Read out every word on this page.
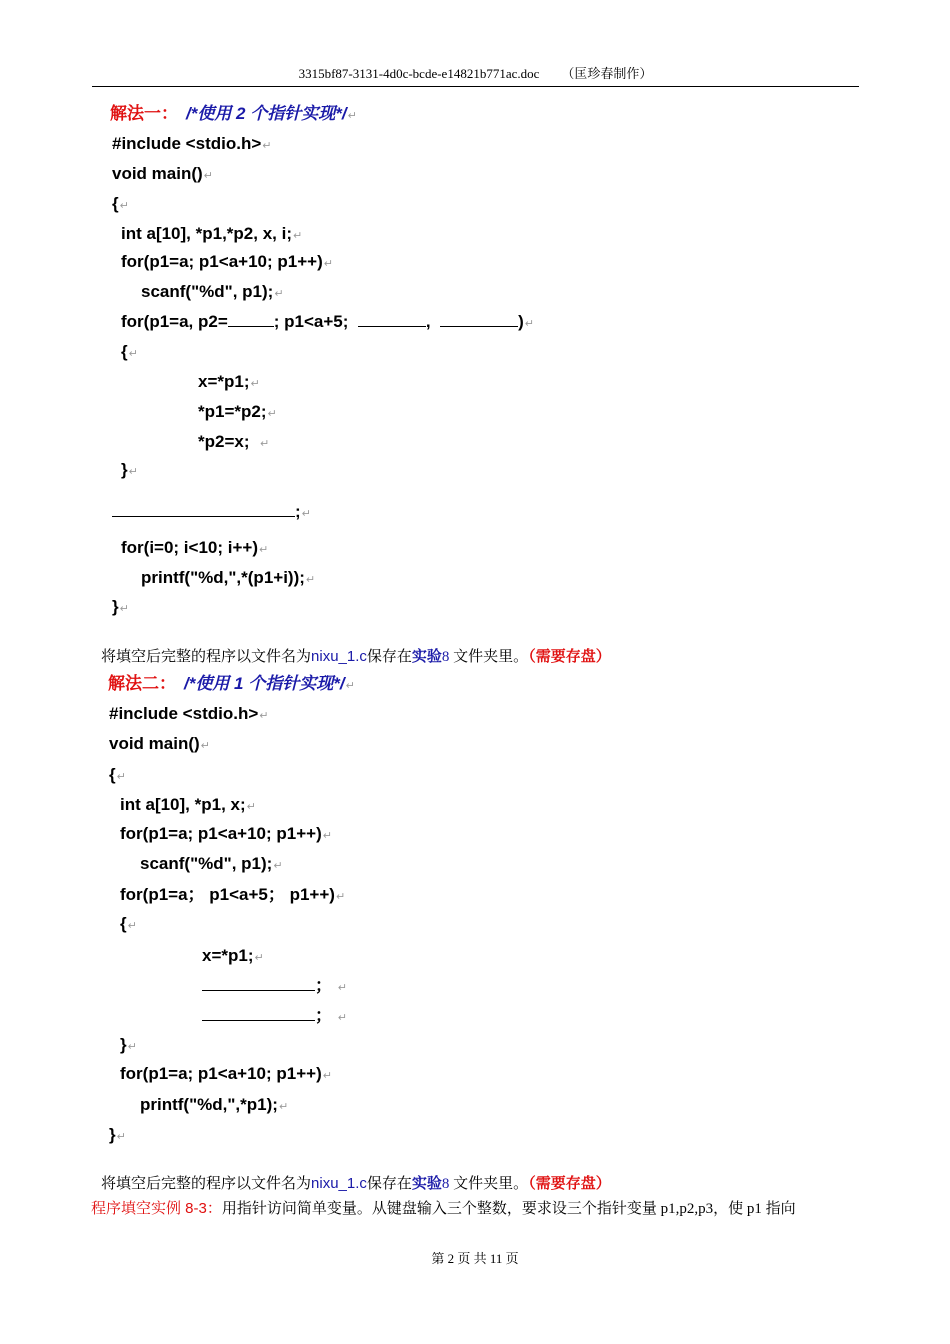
3315bf87-3131-4d0c-bcde-e14821b771ac.doc （匡珍春制作）
解法一： /*使用 2 个指针实现*/↵
#include <stdio.h>↵
void main()↵
{↵
int a[10], *p1,*p2, x, i;↵
for(p1=a; p1<a+10; p1++)↵
scanf("%d", p1);↵
for(p1=a, p2=	; p1<a+5;	,	)↵
{↵
x=*p1;↵
*p1=*p2;↵
*p2=x; ↵
}↵
;↵
for(i=0; i<10; i++)↵
printf("%d,",*(p1+i));↵
}↵
将填空后完整的程序以文件名为nixu_1.c保存在实验8 文件夹里。（需要存盘）
解法二： /*使用 1 个指针实现*/↵
#include <stdio.h>↵
void main()↵
{↵
int a[10], *p1, x;↵
for(p1=a; p1<a+10; p1++)↵
scanf("%d", p1);↵
for(p1=a； p1<a+5； p1++)↵
{↵
x=*p1;↵
； ↵
； ↵
}↵
for(p1=a; p1<a+10; p1++)↵
printf("%d,",*p1);↵
}↵
将填空后完整的程序以文件名为nixu_1.c保存在实验8 文件夹里。（需要存盘）
程序填空实例 8-3：用指针访问简单变量。从键盘输入三个整数，要求设三个指针变量 p1,p2,p3，使 p1 指向
第 2 页 共 11 页
